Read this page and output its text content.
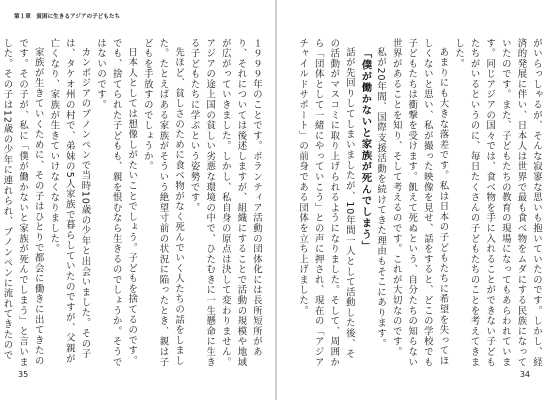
第１章　貧困に生きるアジアの子どもたち

１９９９年のことです。ボランティア活動の団体化には長所短所があり、それについては後述しますが、組織にすることで活動の規模や地域が広がっていきました。しかし、私自身の原点は決して変わりません。アジアの途上国の貧しい劣悪な環境の中で、ひたむきに一生懸命に生きる子どもたちに学ぶという姿勢です。

先ほど、貧しさのために食べ物がなく死んでいく人たちの話をしました。たとえばある家族がそういう絶望寸前の状況に陥ったとき、親は子どもを手放すのでしょうか。

日本人としては想像しがたいことでしょう。子どもを捨てるのです。でも、捨てられた子どもも、親を恨むなら生きるのでしょうか。そうではないのです。

カンボジアのプノンペンで当時10歳の少年と出会いました。その子は、タケオ州の村で、弟妹の5人家族で暮らしていたのですが、父親が亡くなり、家族が生きていけなくなりました。

家族が生きていくために、その子はひとりで都会に働きに出てきたのです。その子が、私に「僕が働かないと家族が死んでしまう」と言いました。その子は12歳の少年に連れられ、プノンペンに流れてきたので

35

がいらっしゃるが、そんな寂寥な思いも抱いていたのです。しかし、経済的発展に伴い、日本人は世界で最も食べ物をムダにする民族になっていたのです。また、子どもたちの教育の現場になってもあらわれています。同じアジアの国々では、食べ物を手に入れることができない子どもたちがいるというのに、毎日たくさんの子どもたちのことを考えてきました。

あまりにも大きな落差です。私は日本の子どもたちに希望を失ってほしくないと思い、私が撮った映像を見せ、話をすると、どこの学校でも子どもたちは衝撃を受けます。飢えて死ぬという、自分たちの知らない世界があることを知り、そして考えるのです。これが大切なのです。

私が20年間、国際支援活動を続けてきた理由もそこにあります。

「僕が働かないと家族が死んでしまう」

話が先回りしてしまいましたが、10年間一人として活動した後、その活動がマスコミに取り上げられるようになりました。そして、周囲から「団体として一緒にやっていこう」との声に押され、現在の「アジアチャイルドサポート」の前身である団体を立ち上げました。

34
